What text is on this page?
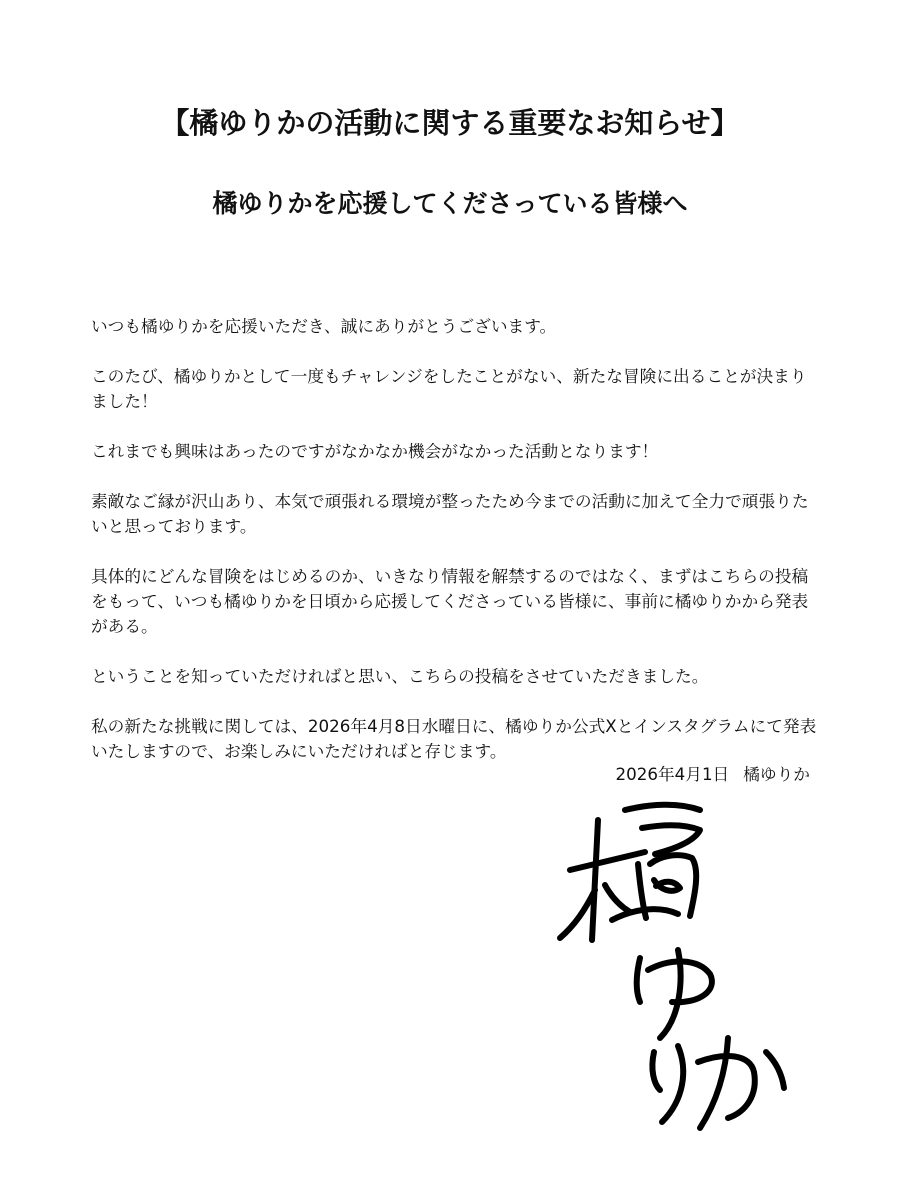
【橘ゆりかの活動に関する重要なお知らせ】
橘ゆりかを応援してくださっている皆様へ

いつも橘ゆりかを応援いただき、誠にありがとうございます。

このたび、橘ゆりかとして一度もチャレンジをしたことがない、新たな冒険に出ることが決まりました！

これまでも興味はあったのですがなかなか機会がなかった活動となります！

素敵なご縁が沢山あり、本気で頑張れる環境が整ったため今までの活動に加えて全力で頑張りたいと思っております。

具体的にどんな冒険をはじめるのか、いきなり情報を解禁するのではなく、まずはこちらの投稿をもって、いつも橘ゆりかを日頃から応援してくださっている皆様に、事前に橘ゆりかから発表がある。

ということを知っていただければと思い、こちらの投稿をさせていただきました。

私の新たな挑戦に関しては、2026年4月8日水曜日に、橘ゆりか公式Xとインスタグラムにて発表いたしますので、お楽しみにいただければと存じます。

2026年4月1日 橘ゆりか
